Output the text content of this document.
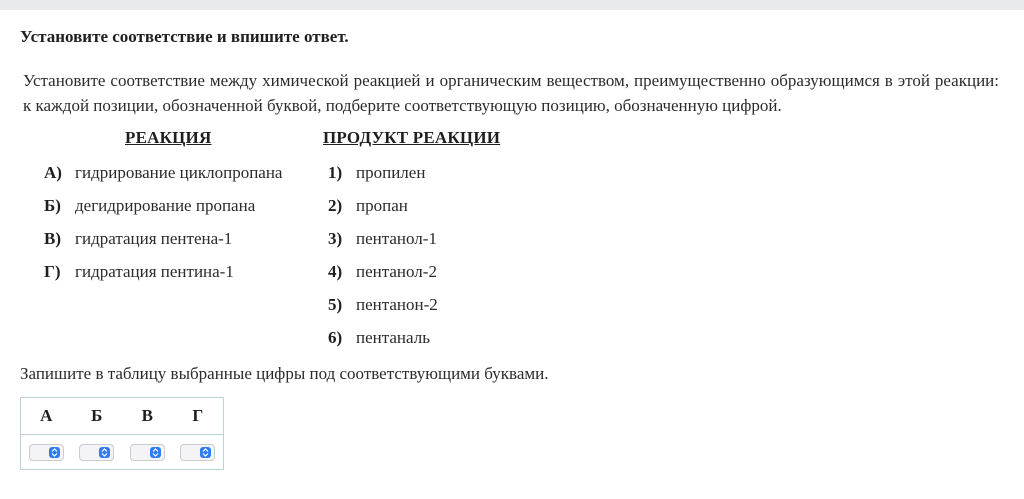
Установите соответствие и впишите ответ.
Установите соответствие между химической реакцией и органическим веществом, преимущественно образующимся в этой реакции: к каждой позиции, обозначенной буквой, подберите соответствующую позицию, обозначенную цифрой.
РЕАКЦИЯ	ПРОДУКТ РЕАКЦИИ
А) гидрирование циклопропана
Б) дегидрирование пропана
В) гидратация пентена-1
Г) гидратация пентина-1
1) пропилен
2) пропан
3) пентанол-1
4) пентанол-2
5) пентанон-2
6) пентаналь
Запишите в таблицу выбранные цифры под соответствующими буквами.
А	Б	В	Г
